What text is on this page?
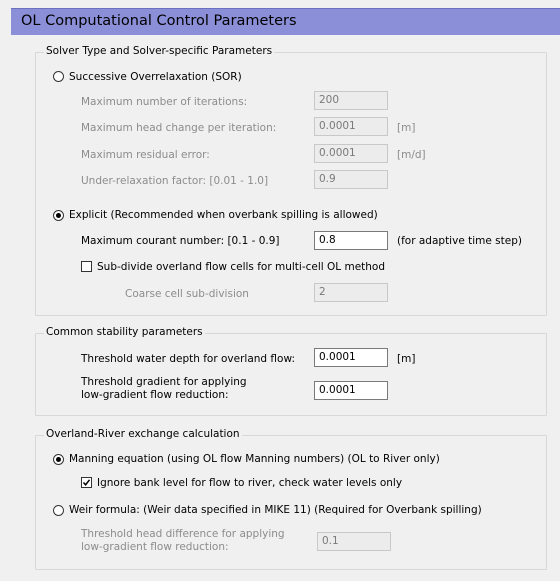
OL Computational Control Parameters
Solver Type and Solver-specific Parameters
Successive Overrelaxation (SOR)
Maximum number of iterations:	200
Maximum head change per iteration:	0.0001	[m]
Maximum residual error:	0.0001	[m/d]
Under-relaxation factor: [0.01 - 1.0]	0.9
Explicit (Recommended when overbank spilling is allowed)
Maximum courant number: [0.1 - 0.9]	0.8	(for adaptive time step)
Sub-divide overland flow cells for multi-cell OL method
Coarse cell sub-division	2
Common stability parameters
Threshold water depth for overland flow:	0.0001	[m]
Threshold gradient for applying
low-gradient flow reduction:	0.0001
Overland-River exchange calculation
Manning equation (using OL flow Manning numbers) (OL to River only)
Ignore bank level for flow to river, check water levels only
Weir formula: (Weir data specified in MIKE 11) (Required for Overbank spilling)
Threshold head difference for applying
low-gradient flow reduction:	0.1
